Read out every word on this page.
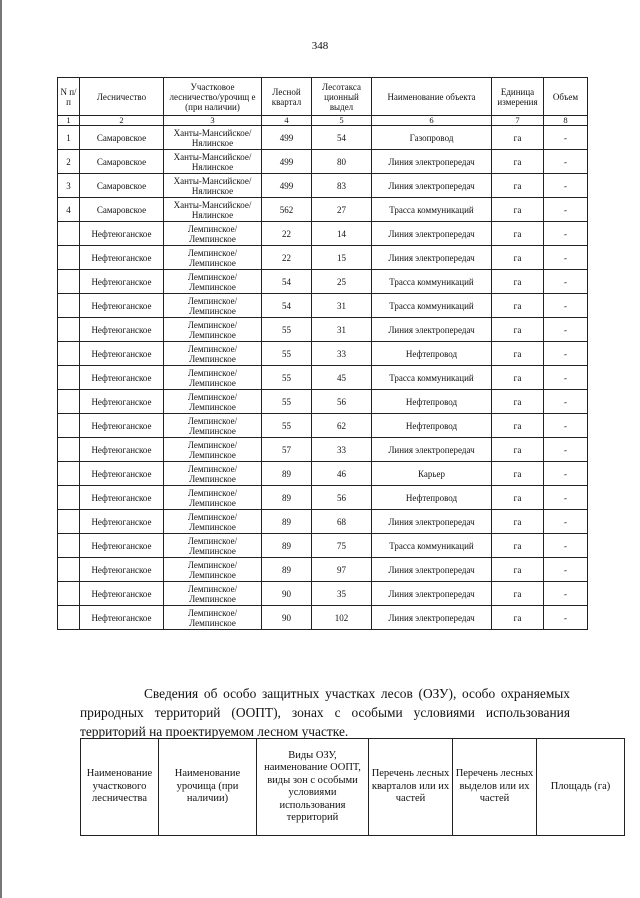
348
N п/п	Лесничество	Участковое лесничество/урочищ е (при наличии)	Лесной квартал	Лесотакса ционный выдел	Наименование объекта	Единица измерения	Объем
1	2	3	4	5	6	7	8
1	Самаровское	Ханты-Мансийское/ Нялинское	499	54	Газопровод	га	-
2	Самаровское	Ханты-Мансийское/ Нялинское	499	80	Линия электропередач	га	-
3	Самаровское	Ханты-Мансийское/ Нялинское	499	83	Линия электропередач	га	-
4	Самаровское	Ханты-Мансийское/ Нялинское	562	27	Трасса коммуникаций	га	-
	Нефтеюганское	Лемпинское/ Лемпинское	22	14	Линия электропередач	га	-
	Нефтеюганское	Лемпинское/ Лемпинское	22	15	Линия электропередач	га	-
	Нефтеюганское	Лемпинское/ Лемпинское	54	25	Трасса коммуникаций	га	-
	Нефтеюганское	Лемпинское/ Лемпинское	54	31	Трасса коммуникаций	га	-
	Нефтеюганское	Лемпинское/ Лемпинское	55	31	Линия электропередач	га	-
	Нефтеюганское	Лемпинское/ Лемпинское	55	33	Нефтепровод	га	-
	Нефтеюганское	Лемпинское/ Лемпинское	55	45	Трасса коммуникаций	га	-
	Нефтеюганское	Лемпинское/ Лемпинское	55	56	Нефтепровод	га	-
	Нефтеюганское	Лемпинское/ Лемпинское	55	62	Нефтепровод	га	-
	Нефтеюганское	Лемпинское/ Лемпинское	57	33	Линия электропередач	га	-
	Нефтеюганское	Лемпинское/ Лемпинское	89	46	Карьер	га	-
	Нефтеюганское	Лемпинское/ Лемпинское	89	56	Нефтепровод	га	-
	Нефтеюганское	Лемпинское/ Лемпинское	89	68	Линия электропередач	га	-
	Нефтеюганское	Лемпинское/ Лемпинское	89	75	Трасса коммуникаций	га	-
	Нефтеюганское	Лемпинское/ Лемпинское	89	97	Линия электропередач	га	-
	Нефтеюганское	Лемпинское/ Лемпинское	90	35	Линия электропередач	га	-
	Нефтеюганское	Лемпинское/ Лемпинское	90	102	Линия электропередач	га	-

Сведения об особо защитных участках лесов (ОЗУ), особо охраняемых природных территорий (ООПТ), зонах с особыми условиями использования территорий на проектируемом лесном участке.

Наименование участкового лесничества	Наименование урочища (при наличии)	Виды ОЗУ, наименование ООПТ, виды зон с особыми условиями использования территорий	Перечень лесных кварталов или их частей	Перечень лесных выделов или их частей	Площадь (га)
